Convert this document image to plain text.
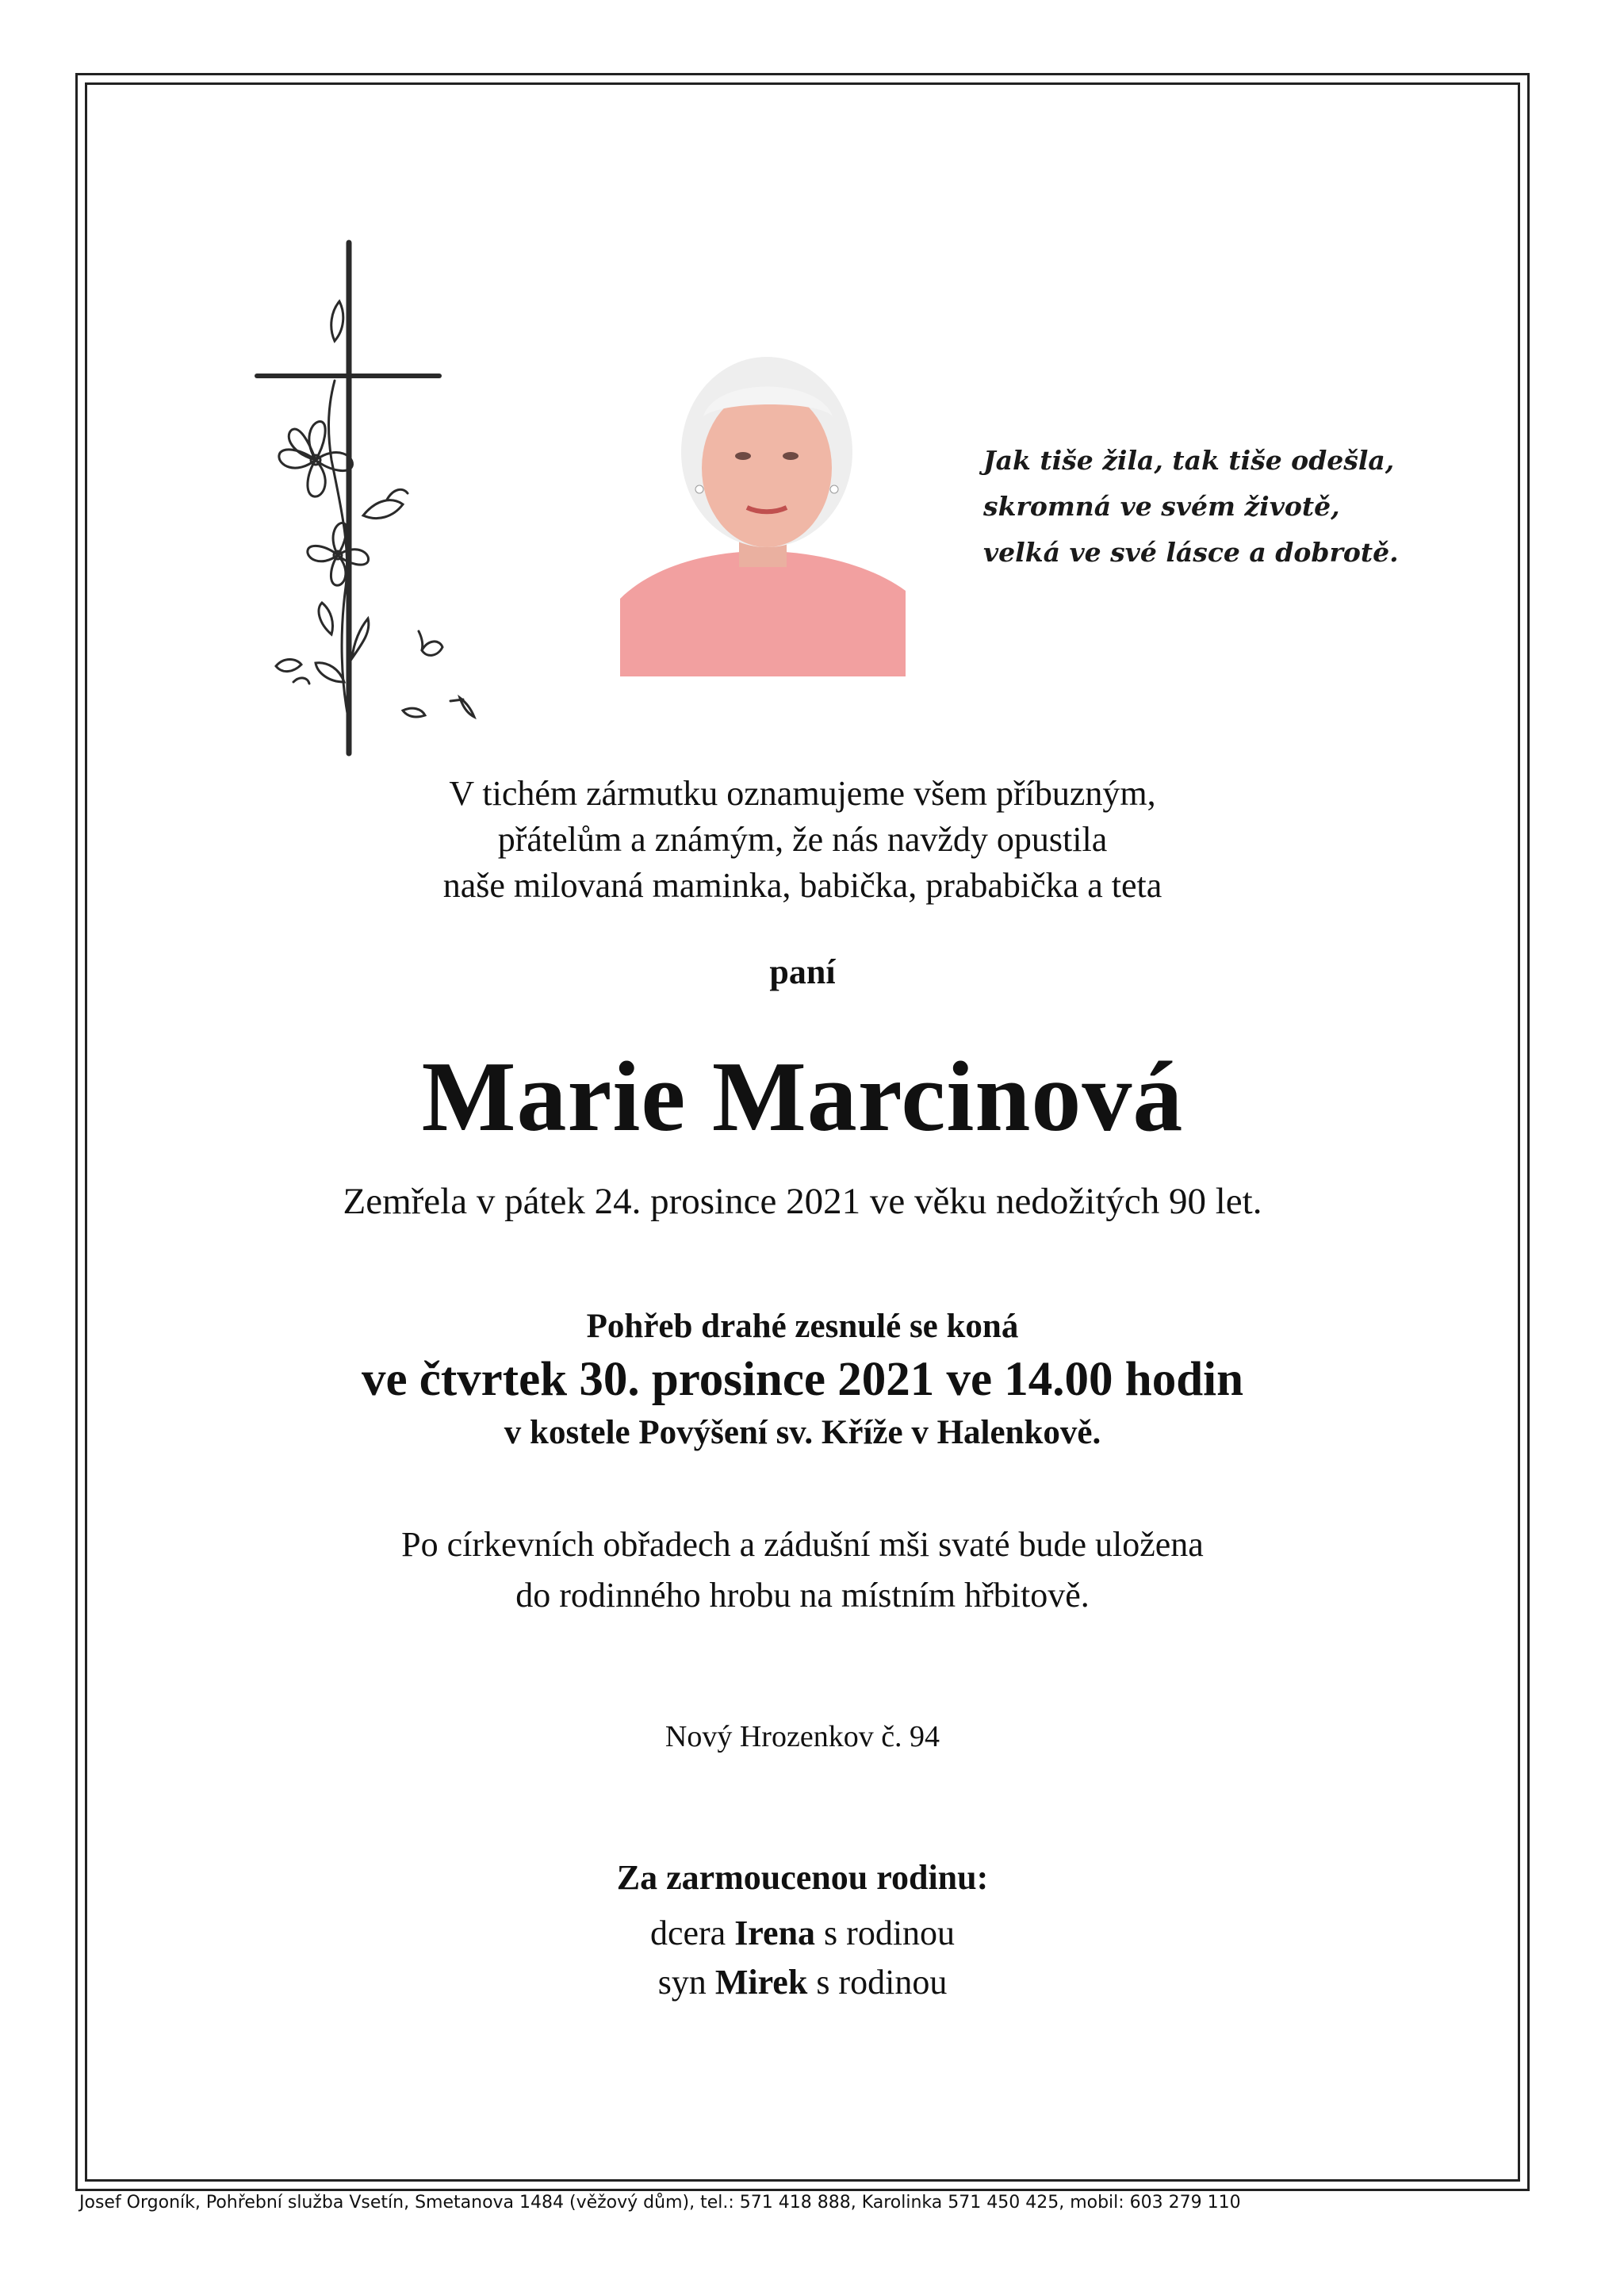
Jak tiše žila, tak tiše odešla,
skromná ve svém životě,
velká ve své lásce a dobrotě.
V tichém zármutku oznamujeme všem příbuzným,
přátelům a známým, že nás navždy opustila
naše milovaná maminka, babička, prababička a teta
paní
Marie Marcinová
Zemřela v pátek 24. prosince 2021 ve věku nedožitých 90 let.
Pohřeb drahé zesnulé se koná
ve čtvrtek 30. prosince 2021 ve 14.00 hodin
v kostele Povýšení sv. Kříže v Halenkově.
Po církevních obřadech a zádušní mši svaté bude uložena
do rodinného hrobu na místním hřbitově.
Nový Hrozenkov č. 94
Za zarmoucenou rodinu:
dcera Irena s rodinou
syn Mirek s rodinou
Josef Orgoník, Pohřební služba Vsetín, Smetanova 1484 (věžový dům), tel.: 571 418 888, Karolinka 571 450 425, mobil: 603 279 110
